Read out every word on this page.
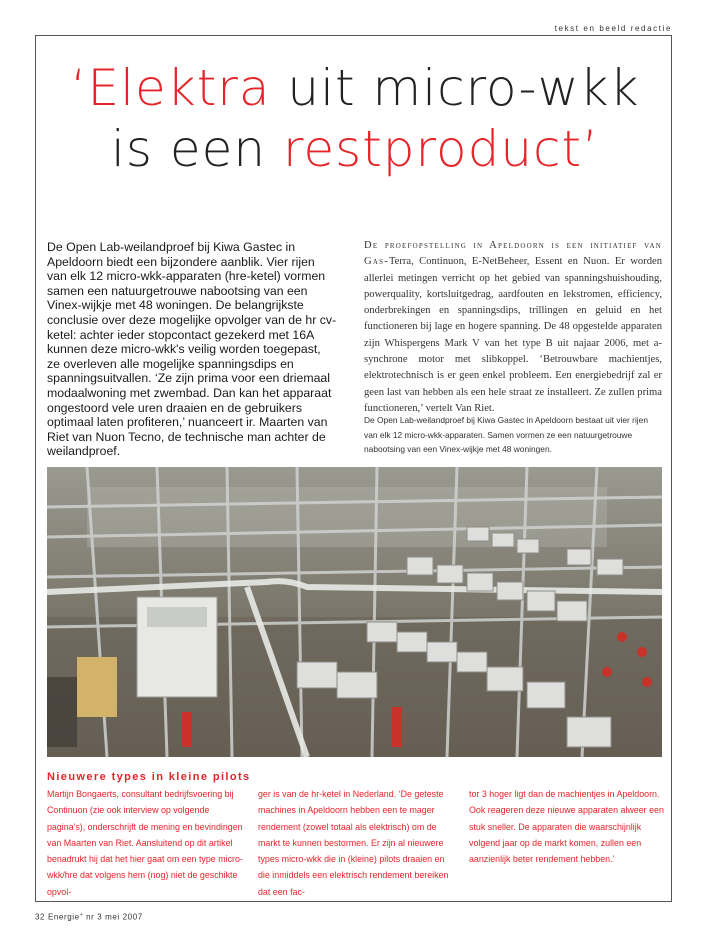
tekst en beeld redactie
‘Elektra uit micro-wkk
is een restproduct’

De Open Lab-weilandproef bij Kiwa Gastec in Apeldoorn biedt een bijzondere aanblik. Vier rijen van elk 12 micro-wkk-apparaten (hre-ketel) vormen samen een natuurgetrouwe nabootsing van een Vinex-wijkje met 48 woningen. De belangrijkste conclusie over deze mogelijke opvolger van de hr cv-ketel: achter ieder stopcontact gezekerd met 16A kunnen deze micro-wkk's veilig worden toegepast, ze overleven alle mogelijke spanningsdips en spanningsuitvallen. ‘Ze zijn prima voor een driemaal modaalwoning met zwembad. Dan kan het apparaat ongestoord vele uren draaien en de gebruikers optimaal laten profiteren,’ nuanceert ir. Maarten van Riet van Nuon Tecno, de technische man achter de weilandproef.

De proefopstelling in Apeldoorn is een initiatief van Gas-Terra, Continuon, E-NetBeheer, Essent en Nuon. Er worden allerlei metingen verricht op het gebied van spanningshuishouding, powerquality, kortsluitgedrag, aardfouten en lekstromen, efficiency, onderbrekingen en spanningsdips, trillingen en geluid en het functioneren bij lage en hogere spanning. De 48 opgestelde apparaten zijn Whispergens Mark V van het type B uit najaar 2006, met a-synchrone motor met slibkoppel. ‘Betrouwbare machientjes, elektrotechnisch is er geen enkel probleem. Een energiebedrijf zal er geen last van hebben als een hele straat ze installeert. Ze zullen prima functioneren,’ vertelt Van Riet.

De Open Lab-weilandproef bij Kiwa Gastec in Apeldoorn bestaat uit vier rijen van elk 12 micro-wkk-apparaten. Samen vormen ze een natuurgetrouwe nabootsing van een Vinex-wijkje met 48 woningen.

Nieuwere types in kleine pilots

Martijn Bongaerts, consultant bedrijfsvoering bij Continuon (zie ook interview op volgende pagina's), onderschrijft de mening en bevindingen van Maarten van Riet. Aansluitend op dit artikel benadrukt hij dat het hier gaat om een type micro-wkk/hre dat volgens hem (nog) niet de geschikte opvol-

ger is van de hr-ketel in Nederland. ‘De geteste machines in Apeldoorn hebben een te mager rendement (zowel totaal als elektrisch) om de markt te kunnen bestormen. Er zijn al nieuwere types micro-wkk die in (kleine) pilots draaien en die inmiddels een elektrisch rendement bereiken dat een fac-

tor 3 hoger ligt dan de machientjes in Apeldoorn. Ook reageren deze nieuwe apparaten alweer een stuk sneller. De apparaten die waarschijnlijk volgend jaar op de markt komen, zullen een aanzienlijk beter rendement hebben.’

32 Energie+ nr 3 mei 2007
